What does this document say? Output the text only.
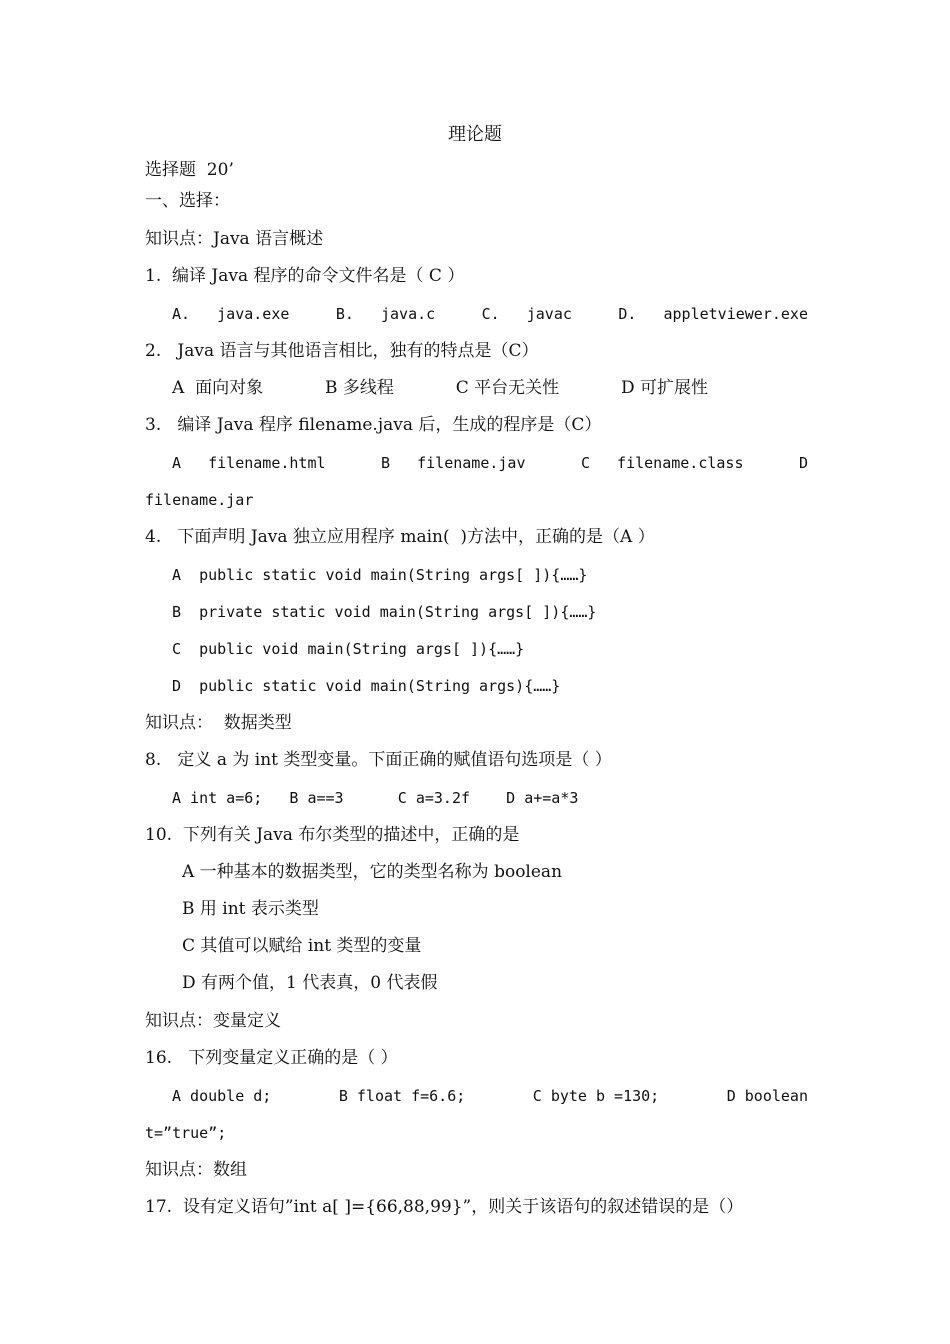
理论题
选择题  20’
一、选择：
知识点：Java 语言概述
1.  编译 Java 程序的命令文件名是（ C ）
A.   java.exe	B.   java.c	C.   javac	D.   appletviewer.exe
2.   Java 语言与其他语言相比，独有的特点是（C）
A  面向对象	B 多线程	C 平台无关性	D 可扩展性
3.   编译 Java 程序 filename.java 后，生成的程序是（C）
A   filename.html	B   filename.jav	C   filename.class	D
filename.jar
4.   下面声明 Java 独立应用程序 main(  )方法中，正确的是（A ）
A  public static void main(String args[ ]){……}
B  private static void main(String args[ ]){……}
C  public void main(String args[ ]){……}
D  public static void main(String args){……}
知识点：  数据类型
8.   定义 a 为 int 类型变量。下面正确的赋值语句选项是（ ）
A int a=6;   B a==3      C a=3.2f    D a+=a*3
10.  下列有关 Java 布尔类型的描述中，正确的是
A 一种基本的数据类型，它的类型名称为 boolean
B 用 int 表示类型
C 其值可以赋给 int 类型的变量
D 有两个值，1 代表真，0 代表假
知识点：变量定义
16.   下列变量定义正确的是（ ）
A double d;	B float f=6.6;	C byte b =130;	D boolean
t=”true”;
知识点：数组
17.  设有定义语句”int a[ ]={66,88,99}”，则关于该语句的叙述错误的是（）
